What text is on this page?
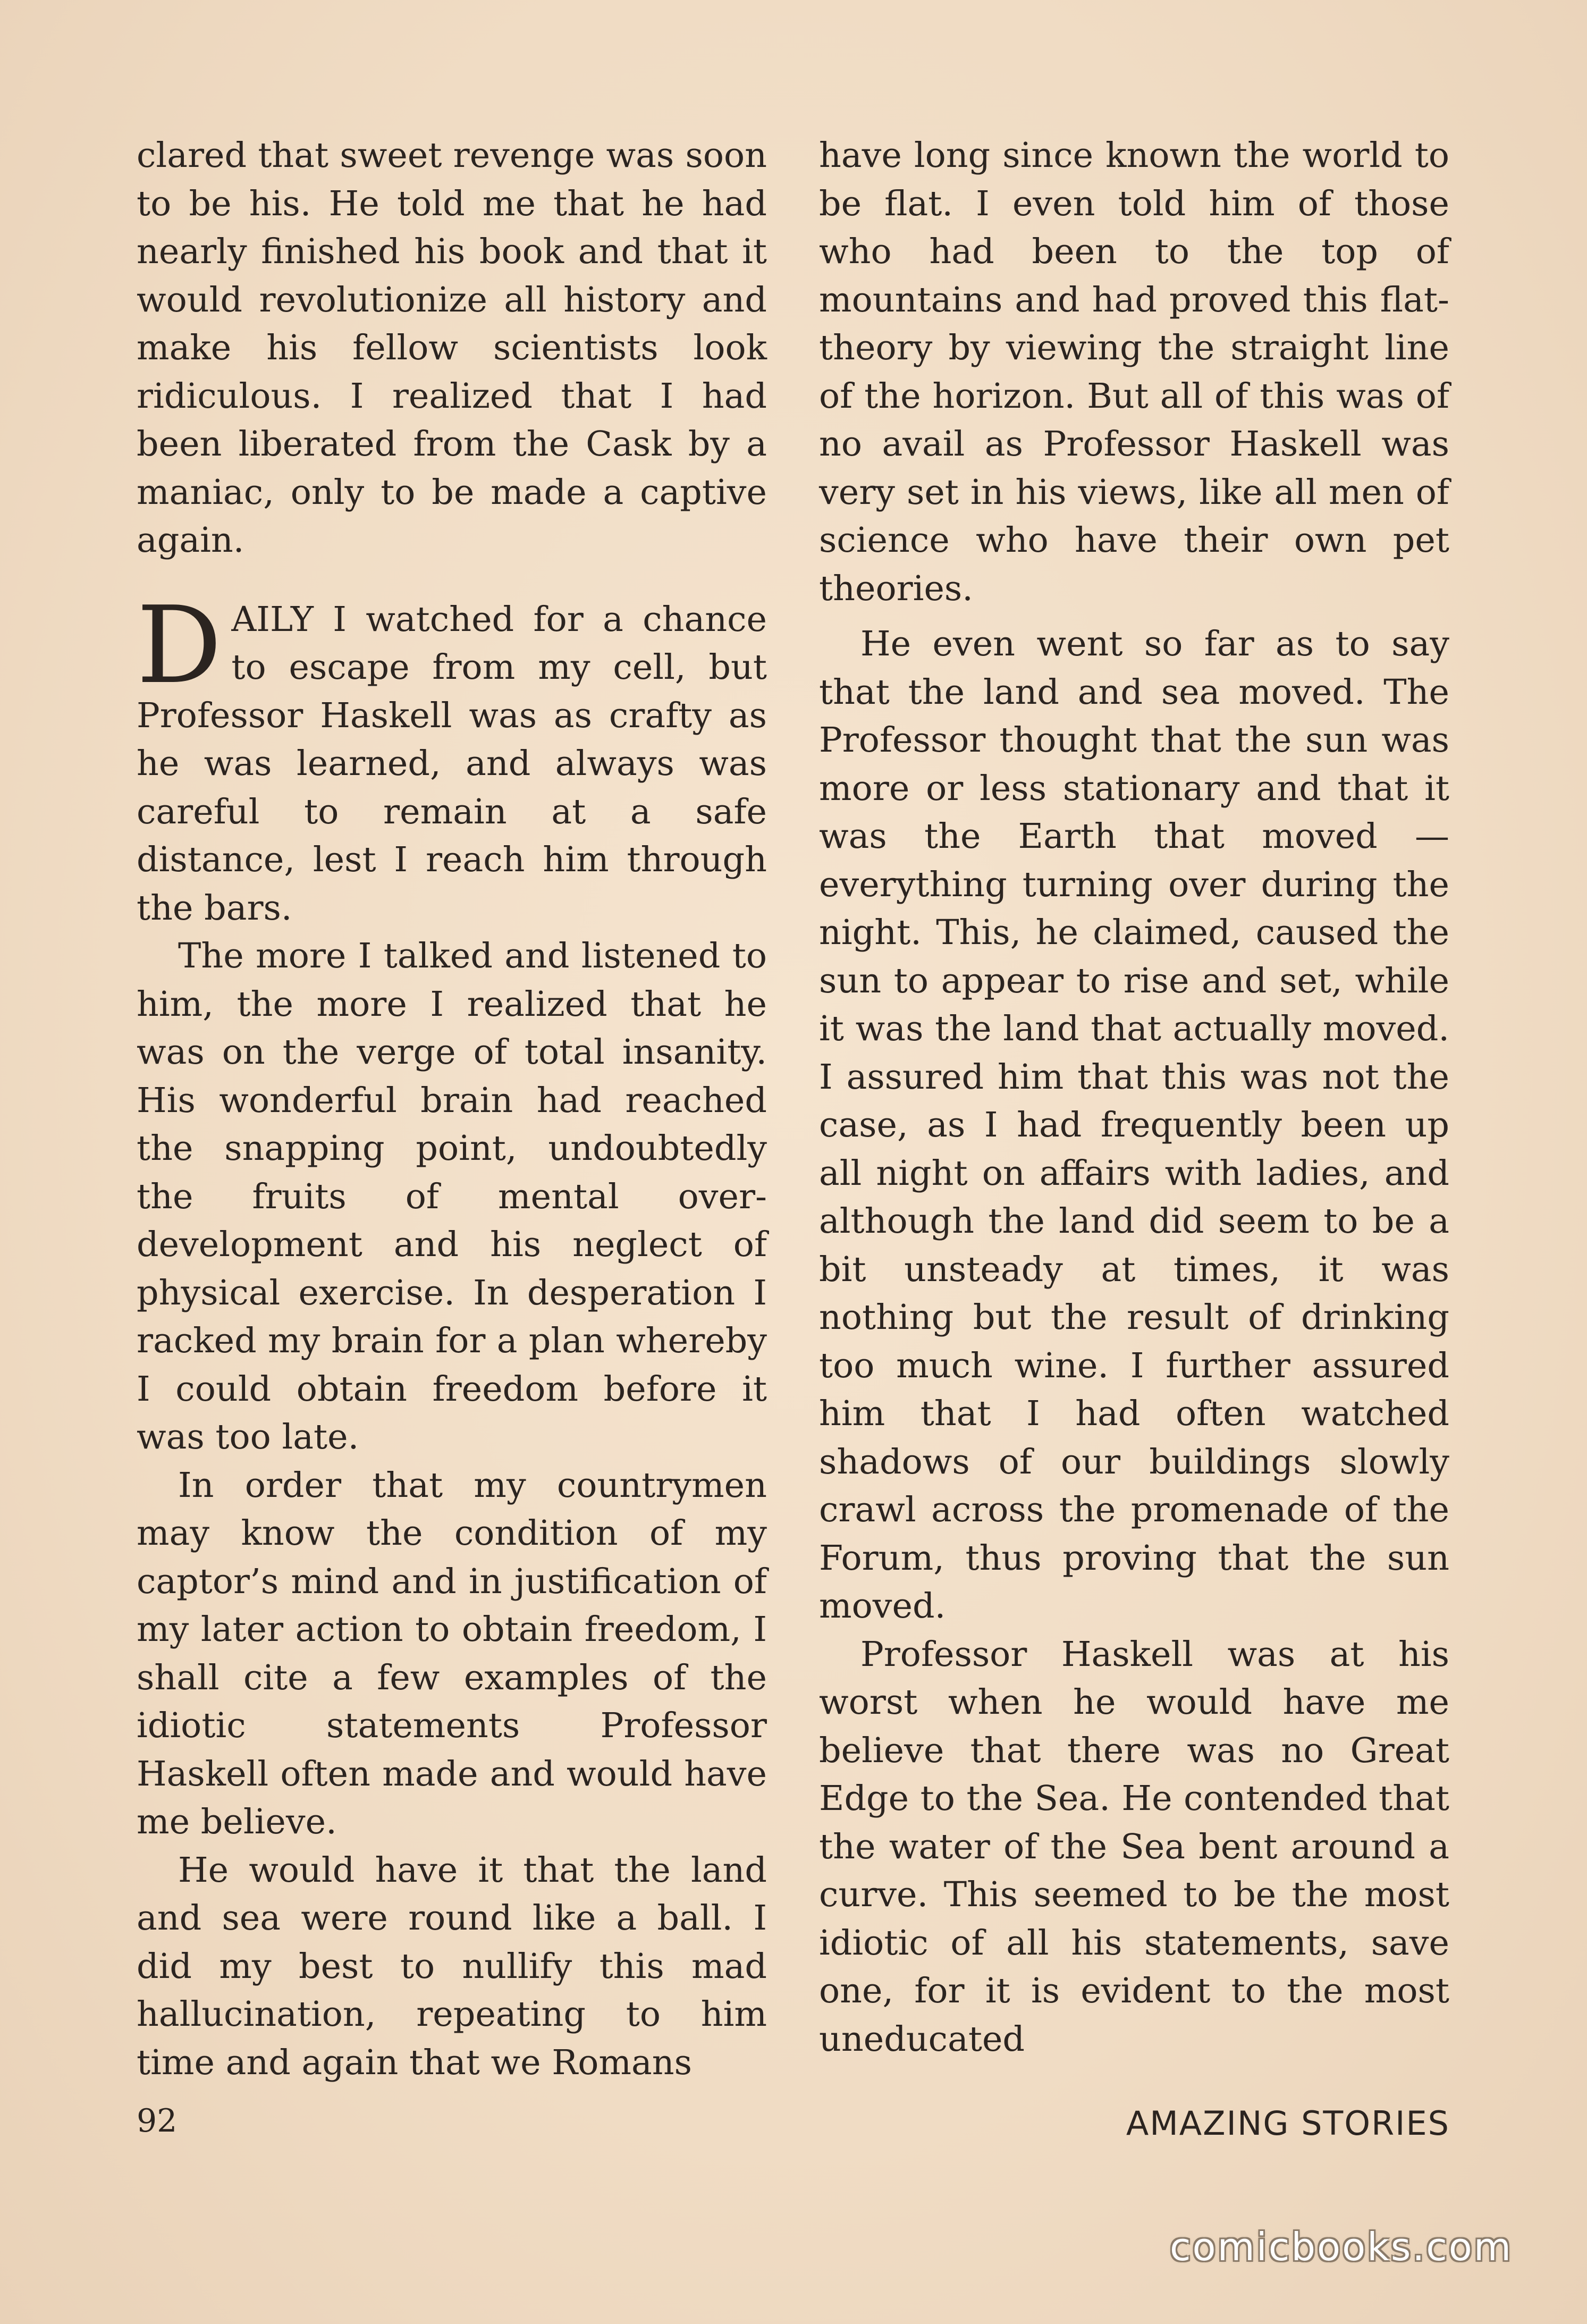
clared that sweet revenge was soon to be his. He told me that he had nearly finished his book and that it would revolutionize all history and make his fellow scientists look ridiculous. I realized that I had been liberated from the Cask by a maniac, only to be made a captive again.

DAILY I watched for a chance to escape from my cell, but Professor Haskell was as crafty as he was learned, and always was careful to remain at a safe distance, lest I reach him through the bars.

The more I talked and listened to him, the more I realized that he was on the verge of total insanity. His wonderful brain had reached the snapping point, undoubtedly the fruits of mental over-development and his neglect of physical exercise. In desperation I racked my brain for a plan whereby I could obtain freedom before it was too late.

In order that my countrymen may know the condition of my captor’s mind and in justification of my later action to obtain freedom, I shall cite a few examples of the idiotic statements Professor Haskell often made and would have me believe.

He would have it that the land and sea were round like a ball. I did my best to nullify this mad hallucination, repeating to him time and again that we Romans

have long since known the world to be flat. I even told him of those who had been to the top of mountains and had proved this flat-theory by viewing the straight line of the horizon. But all of this was of no avail as Professor Haskell was very set in his views, like all men of science who have their own pet theories.

He even went so far as to say that the land and sea moved. The Professor thought that the sun was more or less stationary and that it was the Earth that moved —everything turning over during the night. This, he claimed, caused the sun to appear to rise and set, while it was the land that actually moved. I assured him that this was not the case, as I had frequently been up all night on affairs with ladies, and although the land did seem to be a bit unsteady at times, it was nothing but the result of drinking too much wine. I further assured him that I had often watched shadows of our buildings slowly crawl across the promenade of the Forum, thus proving that the sun moved.

Professor Haskell was at his worst when he would have me believe that there was no Great Edge to the Sea. He contended that the water of the Sea bent around a curve. This seemed to be the most idiotic of all his statements, save one, for it is evident to the most uneducated

92	AMAZING STORIES
comicbooks.com
